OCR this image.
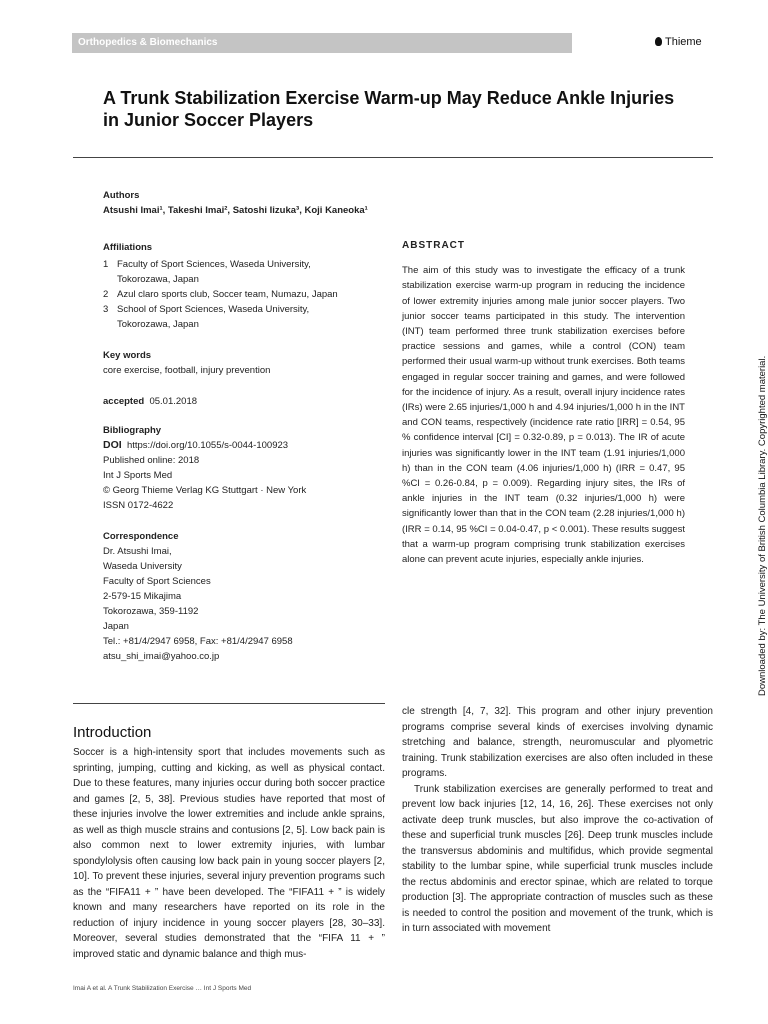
Orthopedics & Biomechanics	Thieme
A Trunk Stabilization Exercise Warm-up May Reduce Ankle Injuries
in Junior Soccer Players
Authors

Atsushi Imai¹, Takeshi Imai², Satoshi Iizuka³, Koji Kaneoka¹

Affiliations
1 Faculty of Sport Sciences, Waseda University,
Tokorozawa, Japan
2 Azul claro sports club, Soccer team, Numazu, Japan
3 School of Sport Sciences, Waseda University,
Tokorozawa, Japan
Key words

core exercise, football, injury prevention

accepted 05.01.2018

Bibliography

DOI https://doi.org/10.1055/s-0044-100923

Published online: 2018

Int J Sports Med

© Georg Thieme Verlag KG Stuttgart · New York

ISSN 0172-4622

Correspondence

Dr. Atsushi Imai,

Waseda University

Faculty of Sport Sciences

2-579-15 Mikajima

Tokorozawa, 359-1192

Japan

Tel.: +81/4/2947 6958, Fax: +81/4/2947 6958

atsu_shi_imai@yahoo.co.jp

ABSTRACT

The aim of this study was to investigate the efficacy of a trunk stabilization exercise warm-up program in reducing the incidence of lower extremity injuries among male junior soccer players. Two junior soccer teams participated in this study. The intervention (INT) team performed three trunk stabilization exercises before practice sessions and games, while a control (CON) team performed their usual warm-up without trunk exercises. Both teams engaged in regular soccer training and games, and were followed for the incidence of injury. As a result, overall injury incidence rates (IRs) were 2.65 injuries/1,000 h and 4.94 injuries/1,000 h in the INT and CON teams, respectively (incidence rate ratio [IRR] = 0.54, 95 % confidence interval [CI] = 0.32-0.89, p = 0.013). The IR of acute injuries was significantly lower in the INT team (1.91 injuries/1,000 h) than in the CON team (4.06 injuries/1,000 h) (IRR = 0.47, 95 %CI = 0.26-0.84, p = 0.009). Regarding injury sites, the IRs of ankle injuries in the INT team (0.32 injuries/1,000 h) were significantly lower than that in the CON team (2.28 injuries/1,000 h) (IRR = 0.14, 95 %CI = 0.04-0.47, p < 0.001). These results suggest that a warm-up program comprising trunk stabilization exercises alone can prevent acute injuries, especially ankle injuries.	Downloaded by: The University of British Columbia Library. Copyrighted material.
Introduction

Soccer is a high-intensity sport that includes movements such as sprinting, jumping, cutting and kicking, as well as physical contact. Due to these features, many injuries occur during both soccer practice and games [2, 5, 38]. Previous studies have reported that most of these injuries involve the lower extremities and include ankle sprains, as well as thigh muscle strains and contusions [2, 5]. Low back pain is also common next to lower extremity injuries, with lumbar spondylolysis often causing low back pain in young soccer players [2, 10]. To prevent these injuries, several injury prevention programs such as the “FIFA11 + ” have been developed. The “FIFA11 + ” is widely known and many researchers have reported on its role in the reduction of injury incidence in young soccer players [28, 30–33]. Moreover, several studies demonstrated that the “FIFA 11 + ” improved static and dynamic balance and thigh mus-

cle strength [4, 7, 32]. This program and other injury prevention programs comprise several kinds of exercises involving dynamic stretching and balance, strength, neuromuscular and plyometric training. Trunk stabilization exercises are also often included in these programs.

Trunk stabilization exercises are generally performed to treat and prevent low back injuries [12, 14, 16, 26]. These exercises not only activate deep trunk muscles, but also improve the co-activation of these and superficial trunk muscles [26]. Deep trunk muscles include the transversus abdominis and multifidus, which provide segmental stability to the lumbar spine, while superficial trunk muscles include the rectus abdominis and erector spinae, which are related to torque production [3]. The appropriate contraction of muscles such as these is needed to control the position and movement of the trunk, which is in turn associated with movement

Imai A et al. A Trunk Stabilization Exercise … Int J Sports Med
